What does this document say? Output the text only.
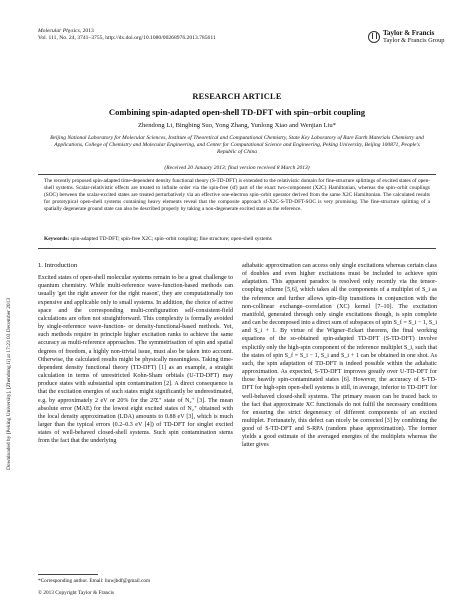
Molecular Physics, 2013
Vol. 111, No. 24, 3741–3755, http://dx.doi.org/10.1080/00268976.2013.785611
Taylor & Francis
Taylor & Francis Group
Downloaded by [Peking University], [Zhendong li] at 17:23 03 December 2013
RESEARCH ARTICLE
Combining spin-adapted open-shell TD-DFT with spin–orbit coupling
Zhendong Li, Bingbing Suo, Yong Zhang, Yunlong Xiao and Wenjian Liu*
Beijing National Laboratory for Molecular Sciences, Institute of Theoretical and Computational Chemistry, State Key Laboratory of Rare Earth Materials Chemistry and Applications, College of Chemistry and Molecular Engineering, and Center for Computational Science and Engineering, Peking University, Beijing 100871, People's Republic of China
(Received 20 January 2013; final version received 8 March 2013)
The recently proposed spin-adapted time-dependent density functional theory (S-TD-DFT) is extended to the relativistic domain for fine-structure splittings of excited states of open-shell systems. Scalar-relativistic effects are treated to infinite order via the spin-free (sf) part of the exact two-component (X2C) Hamiltonian, whereas the spin–orbit couplings (SOC) between the scalar-excited states are treated perturbatively via an effective one-electron spin–orbit operator derived from the same X2C Hamiltonian. The calculated results for prototypical open-shell systems containing heavy elements reveal that the composite approach sf-X2C-S-TD-DFT-SOC is very promising. The fine-structure splitting of a spatially degenerate ground state can also be described properly by taking a non-degenerate excited state as the reference.
Keywords: spin-adapted TD-DFT; spin-free X2C; spin–orbit coupling; fine structure; open-shell systems
1. Introduction

Excited states of open-shell molecular systems remain to be a great challenge to quantum chemistry. While multi-reference wave-function-based methods can usually 'get the right answer for the right reason', they are computationally too expensive and applicable only to small systems. In addition, the choice of active space and the corresponding multi-configuration self-consistent-field calculations are often not straightforward. This complexity is formally avoided by single-reference wave-function- or density-functional-based methods. Yet, such methods require in principle higher excitation ranks to achieve the same accuracy as multi-reference approaches. The symmetrisation of spin and spatial degrees of freedom, a highly non-trivial issue, must also be taken into account. Otherwise, the calculated results might be physically meaningless. Taking time-dependent density functional theory (TD-DFT) [1] as an example, a straight calculation in terms of unrestricted Kohn-Sham orbitals (U-TD-DFT) may produce states with substantial spin contamination [2]. A direct consequence is that the excitation energies of such states might significantly be underestimated, e.g. by approximately 2 eV or 20% for the 2²Σ⁺ state of N₂⁺ [3]. The mean absolute error (MAE) for the lowest eight excited states of N₂⁺ obtained with the local density approximation (LDA) amounts to 0.88 eV [3], which is much larger than the typical errors (0.2–0.3 eV [4]) of TD-DFT for singlet excited states of well-behaved closed-shell systems. Such spin contamination stems from the fact that the underlying

adiabatic approximation can access only single excitations whereas certain class of doubles and even higher excitations must be included to achieve spin adaptation. This apparent paradox is resolved only recently via the tensor-coupling scheme [5,6], which takes all the components of a multiplet of S_i as the reference and further allows spin–flip transitions in conjunction with the non-collinear exchange–correlation (XC) kernel [7–10]. The excitation manifold, generated through only single excitations though, is spin complete and can be decomposed into a direct sum of subspaces of spin S_f = S_i − 1, S_i and S_i + 1. By virtue of the Wigner–Eckart theorem, the final working equations of the so-obtained spin-adapted TD-DFT (S-TD-DFT) involve explicitly only the high-spin component of the reference multiplet S_i, such that the states of spin S_f = S_i − 1, S_i and S_i + 1 can be obtained in one shot. As such, the spin adaptation of TD-DFT is indeed possible within the adiabatic approximation. As expected, S-TD-DFT improves greatly over U-TD-DFT for those heavily spin-contaminated states [6]. However, the accuracy of S-TD-DFT for high-spin open-shell systems is still, in average, inferior to TD-DFT for well-behaved closed-shell systems. The primary reason can be traced back to the fact that approximate XC functionals do not fulfil the necessary conditions for ensuring the strict degeneracy of different components of an excited multiplet. Fortunately, this defect can nicely be corrected [3] by combining the good of S-TD-DFT and S-RPA (random phase approximation). The former yields a good estimate of the averaged energies of the multiplets whereas the latter gives

*Corresponding author. Email: liuwjbdf@gmail.com
© 2013 Copyright Taylor & Francis
